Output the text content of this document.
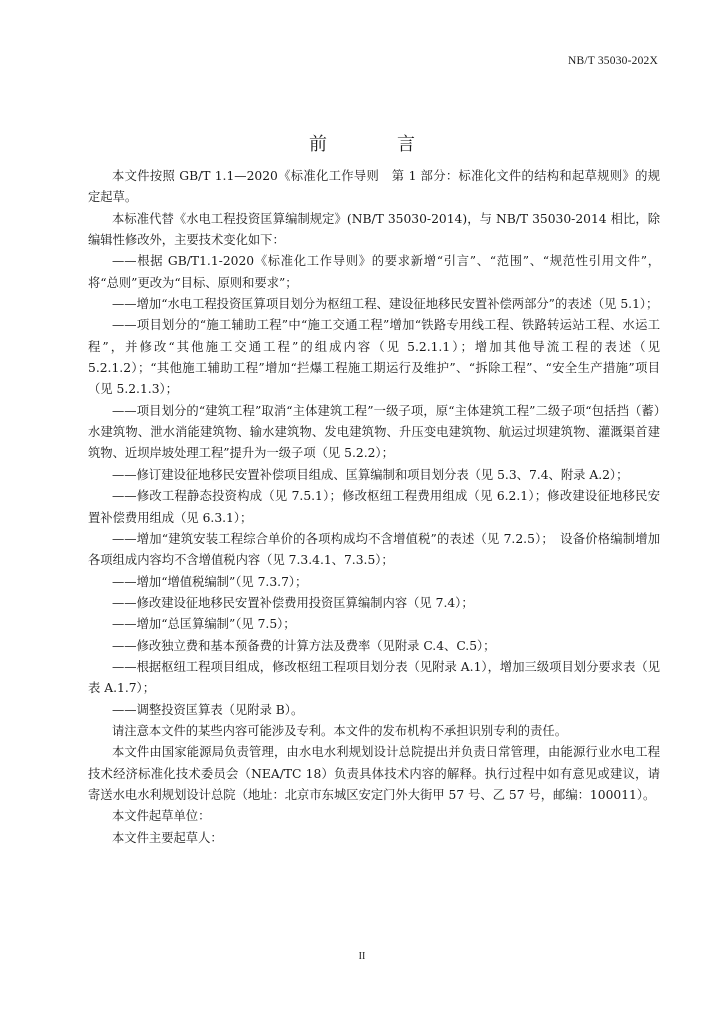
NB/T 35030-202X
前　言

本文件按照 GB/T 1.1—2020《标准化工作导则　第 1 部分：标准化文件的结构和起草规则》的规定起草。

本标准代替《水电工程投资匡算编制规定》(NB/T 35030-2014)，与 NB/T 35030-2014 相比，除编辑性修改外，主要技术变化如下：

——根据 GB/T1.1-2020《标准化工作导则》的要求新增“引言”、“范围”、“规范性引用文件”，将“总则”更改为“目标、原则和要求”；

——增加“水电工程投资匡算项目划分为枢纽工程、建设征地移民安置补偿两部分”的表述（见 5.1）；

——项目划分的“施工辅助工程”中“施工交通工程”增加“铁路专用线工程、铁路转运站工程、水运工程”，并修改“其他施工交通工程”的组成内容（见 5.2.1.1）；增加其他导流工程的表述（见 5.2.1.2）；“其他施工辅助工程”增加“拦爆工程施工期运行及维护”、“拆除工程”、“安全生产措施”项目（见 5.2.1.3）；

——项目划分的“建筑工程”取消“主体建筑工程”一级子项，原“主体建筑工程”二级子项“包括挡（蓄）水建筑物、泄水消能建筑物、输水建筑物、发电建筑物、升压变电建筑物、航运过坝建筑物、灌溉渠首建筑物、近坝岸坡处理工程”提升为一级子项（见 5.2.2）；

——修订建设征地移民安置补偿项目组成、匡算编制和项目划分表（见 5.3、7.4、附录 A.2）；

——修改工程静态投资构成（见 7.5.1）；修改枢纽工程费用组成（见 6.2.1）；修改建设征地移民安置补偿费用组成（见 6.3.1）；

——增加“建筑安装工程综合单价的各项构成均不含增值税”的表述（见 7.2.5）；　设备价格编制增加各项组成内容均不含增值税内容（见 7.3.4.1、7.3.5）；

——增加“增值税编制”（见 7.3.7）；

——修改建设征地移民安置补偿费用投资匡算编制内容（见 7.4）；

——增加“总匡算编制”（见 7.5）；

——修改独立费和基本预备费的计算方法及费率（见附录 C.4、C.5）；

——根据枢纽工程项目组成，修改枢纽工程项目划分表（见附录 A.1），增加三级项目划分要求表（见表 A.1.7）；

——调整投资匡算表（见附录 B）。

请注意本文件的某些内容可能涉及专利。本文件的发布机构不承担识别专利的责任。

本文件由国家能源局负责管理，由水电水利规划设计总院提出并负责日常管理，由能源行业水电工程技术经济标准化技术委员会（NEA/TC 18）负责具体技术内容的解释。执行过程中如有意见或建议，请寄送水电水利规划设计总院（地址：北京市东城区安定门外大街甲 57 号、乙 57 号，邮编：100011）。

本文件起草单位：

本文件主要起草人：

II
